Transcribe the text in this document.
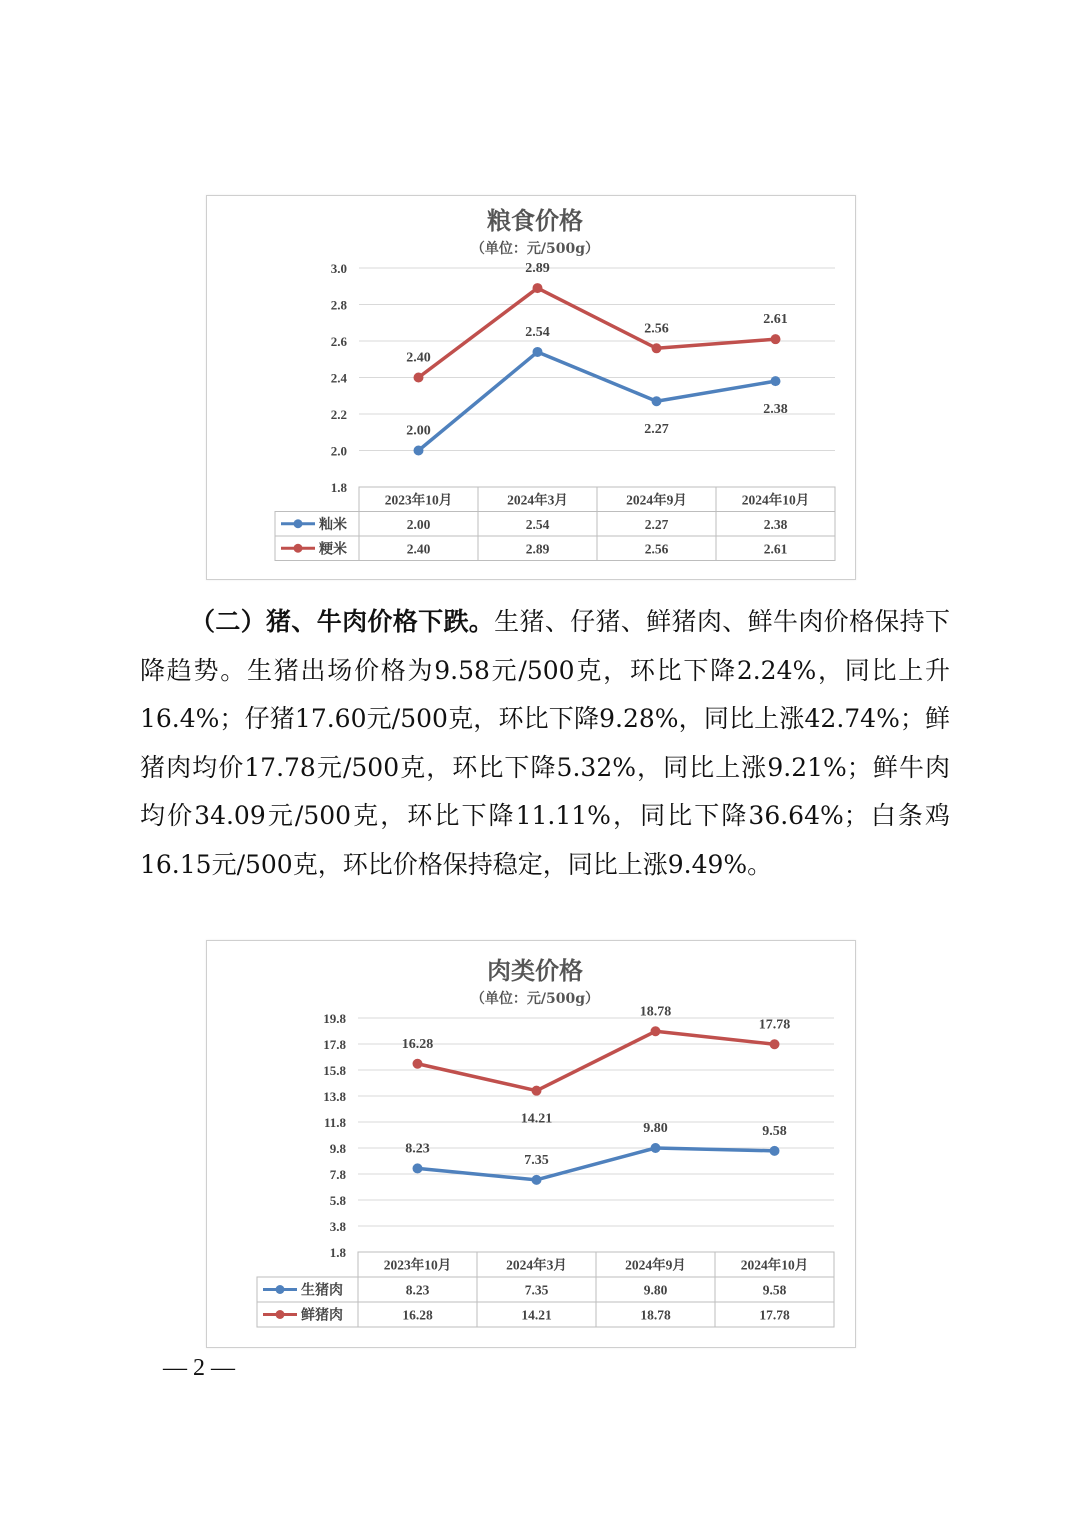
粮食价格
（单位：元/500g）
1.8
2.0
2.2
2.4
2.6
2.8
3.0
2023年10月	2024年3月	2024年9月	2024年10月
籼米	2.00	2.54	2.27	2.38
2.00
2.54
2.27
2.38
粳米	2.40	2.89	2.56	2.61
2.40
2.89
2.56
2.61

（二）猪、牛肉价格下跌。生猪、仔猪、鲜猪肉、鲜牛肉价格保持下降趋势。生猪出场价格为9.58元/500克，环比下降2.24%，同比上升16.4%；仔猪17.60元/500克，环比下降9.28%，同比上涨42.74%；鲜猪肉均价17.78元/500克，环比下降5.32%，同比上涨9.21%；鲜牛肉均价34.09元/500克，环比下降11.11%，同比下降36.64%；白条鸡16.15元/500克，环比价格保持稳定，同比上涨9.49%。

肉类价格
（单位：元/500g）
1.8
3.8
5.8
7.8
9.8
11.8
13.8
15.8
17.8
19.8
2023年10月	2024年3月	2024年9月	2024年10月
生猪肉	8.23	7.35	9.80	9.58
8.23
7.35
9.80	9.58
鲜猪肉	16.28	14.21	18.78	17.78
16.28
14.21
18.78
17.78
— 2 —
